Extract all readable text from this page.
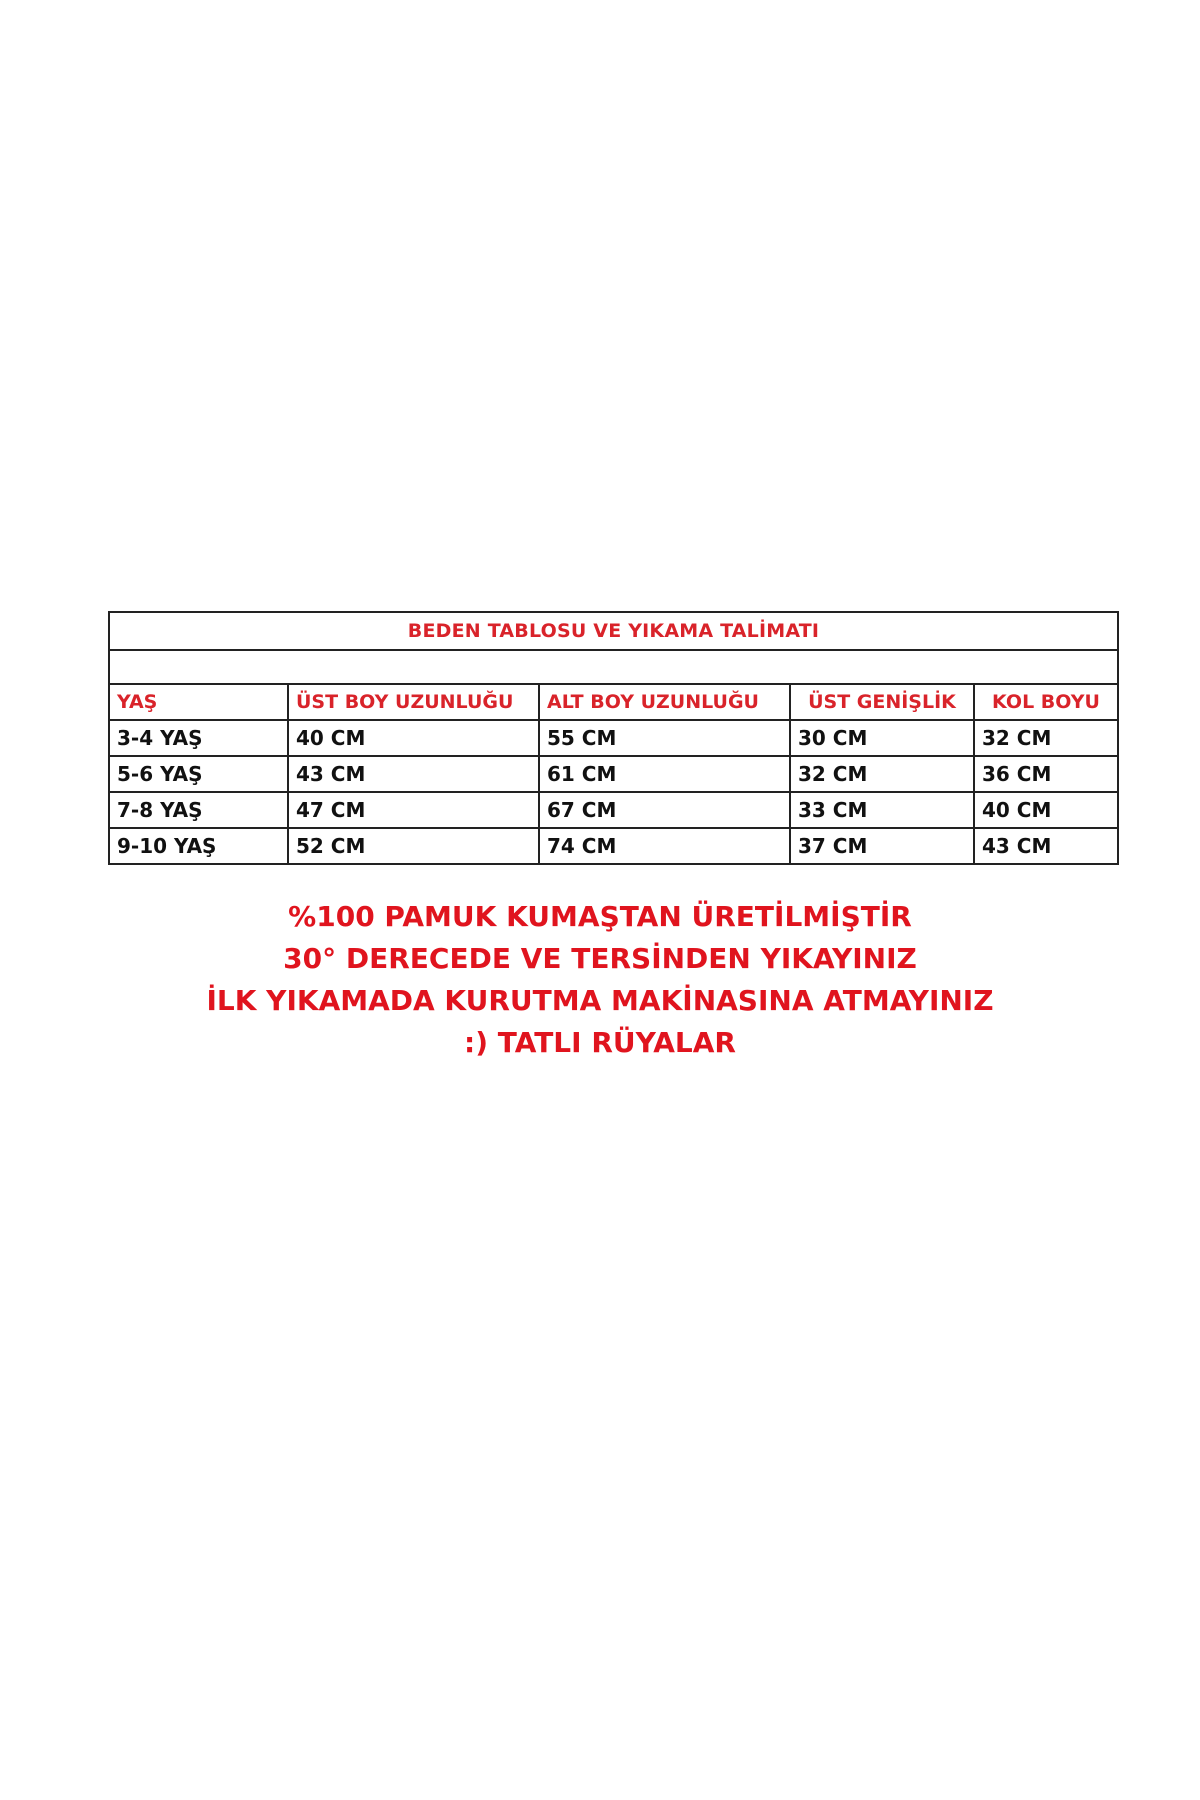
BEDEN TABLOSU VE YIKAMA TALİMATI				

YAŞ	ÜST BOY UZUNLUĞU	ALT BOY UZUNLUĞU	ÜST GENİŞLİK	KOL BOYU
3-4 YAŞ	40 CM	55 CM	30 CM	32 CM
5-6 YAŞ	43 CM	61 CM	32 CM	36 CM
7-8 YAŞ	47 CM	67 CM	33 CM	40 CM
9-10 YAŞ	52 CM	74 CM	37 CM	43 CM
%100 PAMUK KUMAŞTAN ÜRETİLMİŞTİR
30° DERECEDE VE TERSİNDEN YIKAYINIZ
İLK YIKAMADA KURUTMA MAKİNASINA ATMAYINIZ
:) TATLI RÜYALAR
